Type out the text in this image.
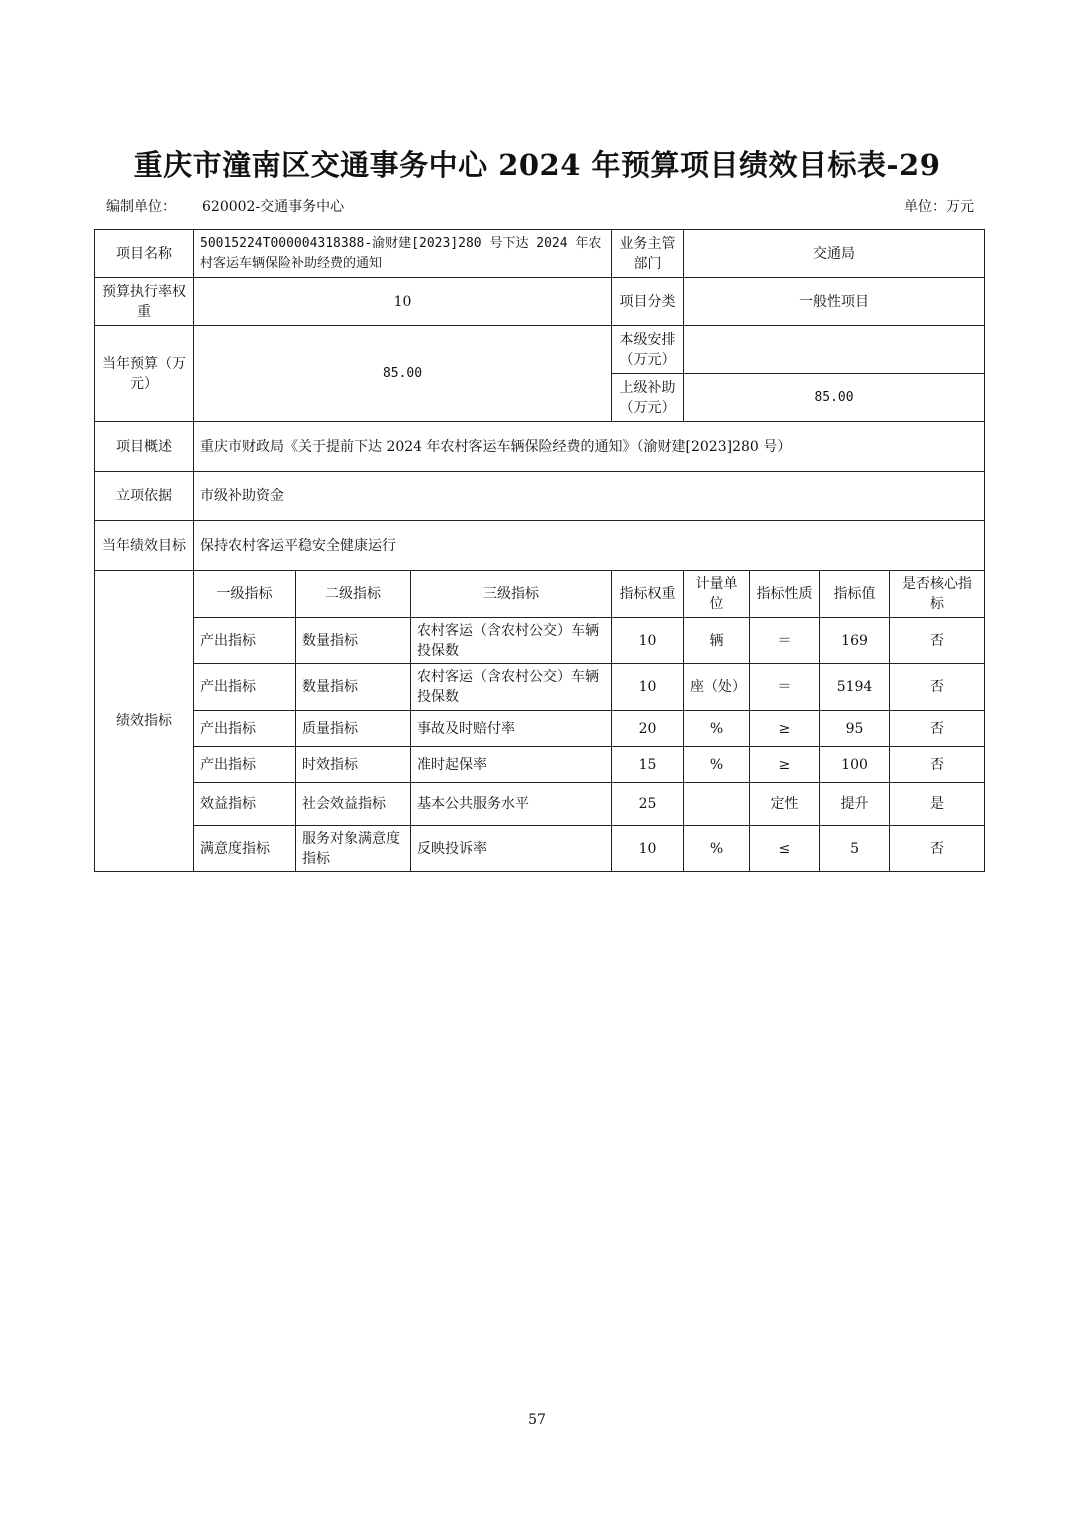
重庆市潼南区交通事务中心 2024 年预算项目绩效目标表-29
编制单位： 620002-交通事务中心	单位：万元
项目名称	50015224T000004318388-渝财建[2023]280 号下达 2024 年农村客运车辆保险补助经费的通知			业务主管部门	交通局			
预算执行率权重	10			项目分类	一般性项目			
当年预算（万元）	85.00			本级安排（万元）				
				上级补助（万元）	85.00			
项目概述	重庆市财政局《关于提前下达 2024 年农村客运车辆保险经费的通知》（渝财建[2023]280 号）							
立项依据	市级补助资金							
当年绩效目标	保持农村客运平稳安全健康运行							
绩效指标	一级指标	二级指标	三级指标	指标权重	计量单位	指标性质	指标值	是否核心指标
	产出指标	数量指标	农村客运（含农村公交）车辆投保数	10	辆	＝	169	否
	产出指标	数量指标	农村客运（含农村公交）车辆投保数	10	座（处）	＝	5194	否
	产出指标	质量指标	事故及时赔付率	20	%	≥	95	否
	产出指标	时效指标	准时起保率	15	%	≥	100	否
	效益指标	社会效益指标	基本公共服务水平	25		定性	提升	是
	满意度指标	服务对象满意度指标	反映投诉率	10	%	≤	5	否
57
